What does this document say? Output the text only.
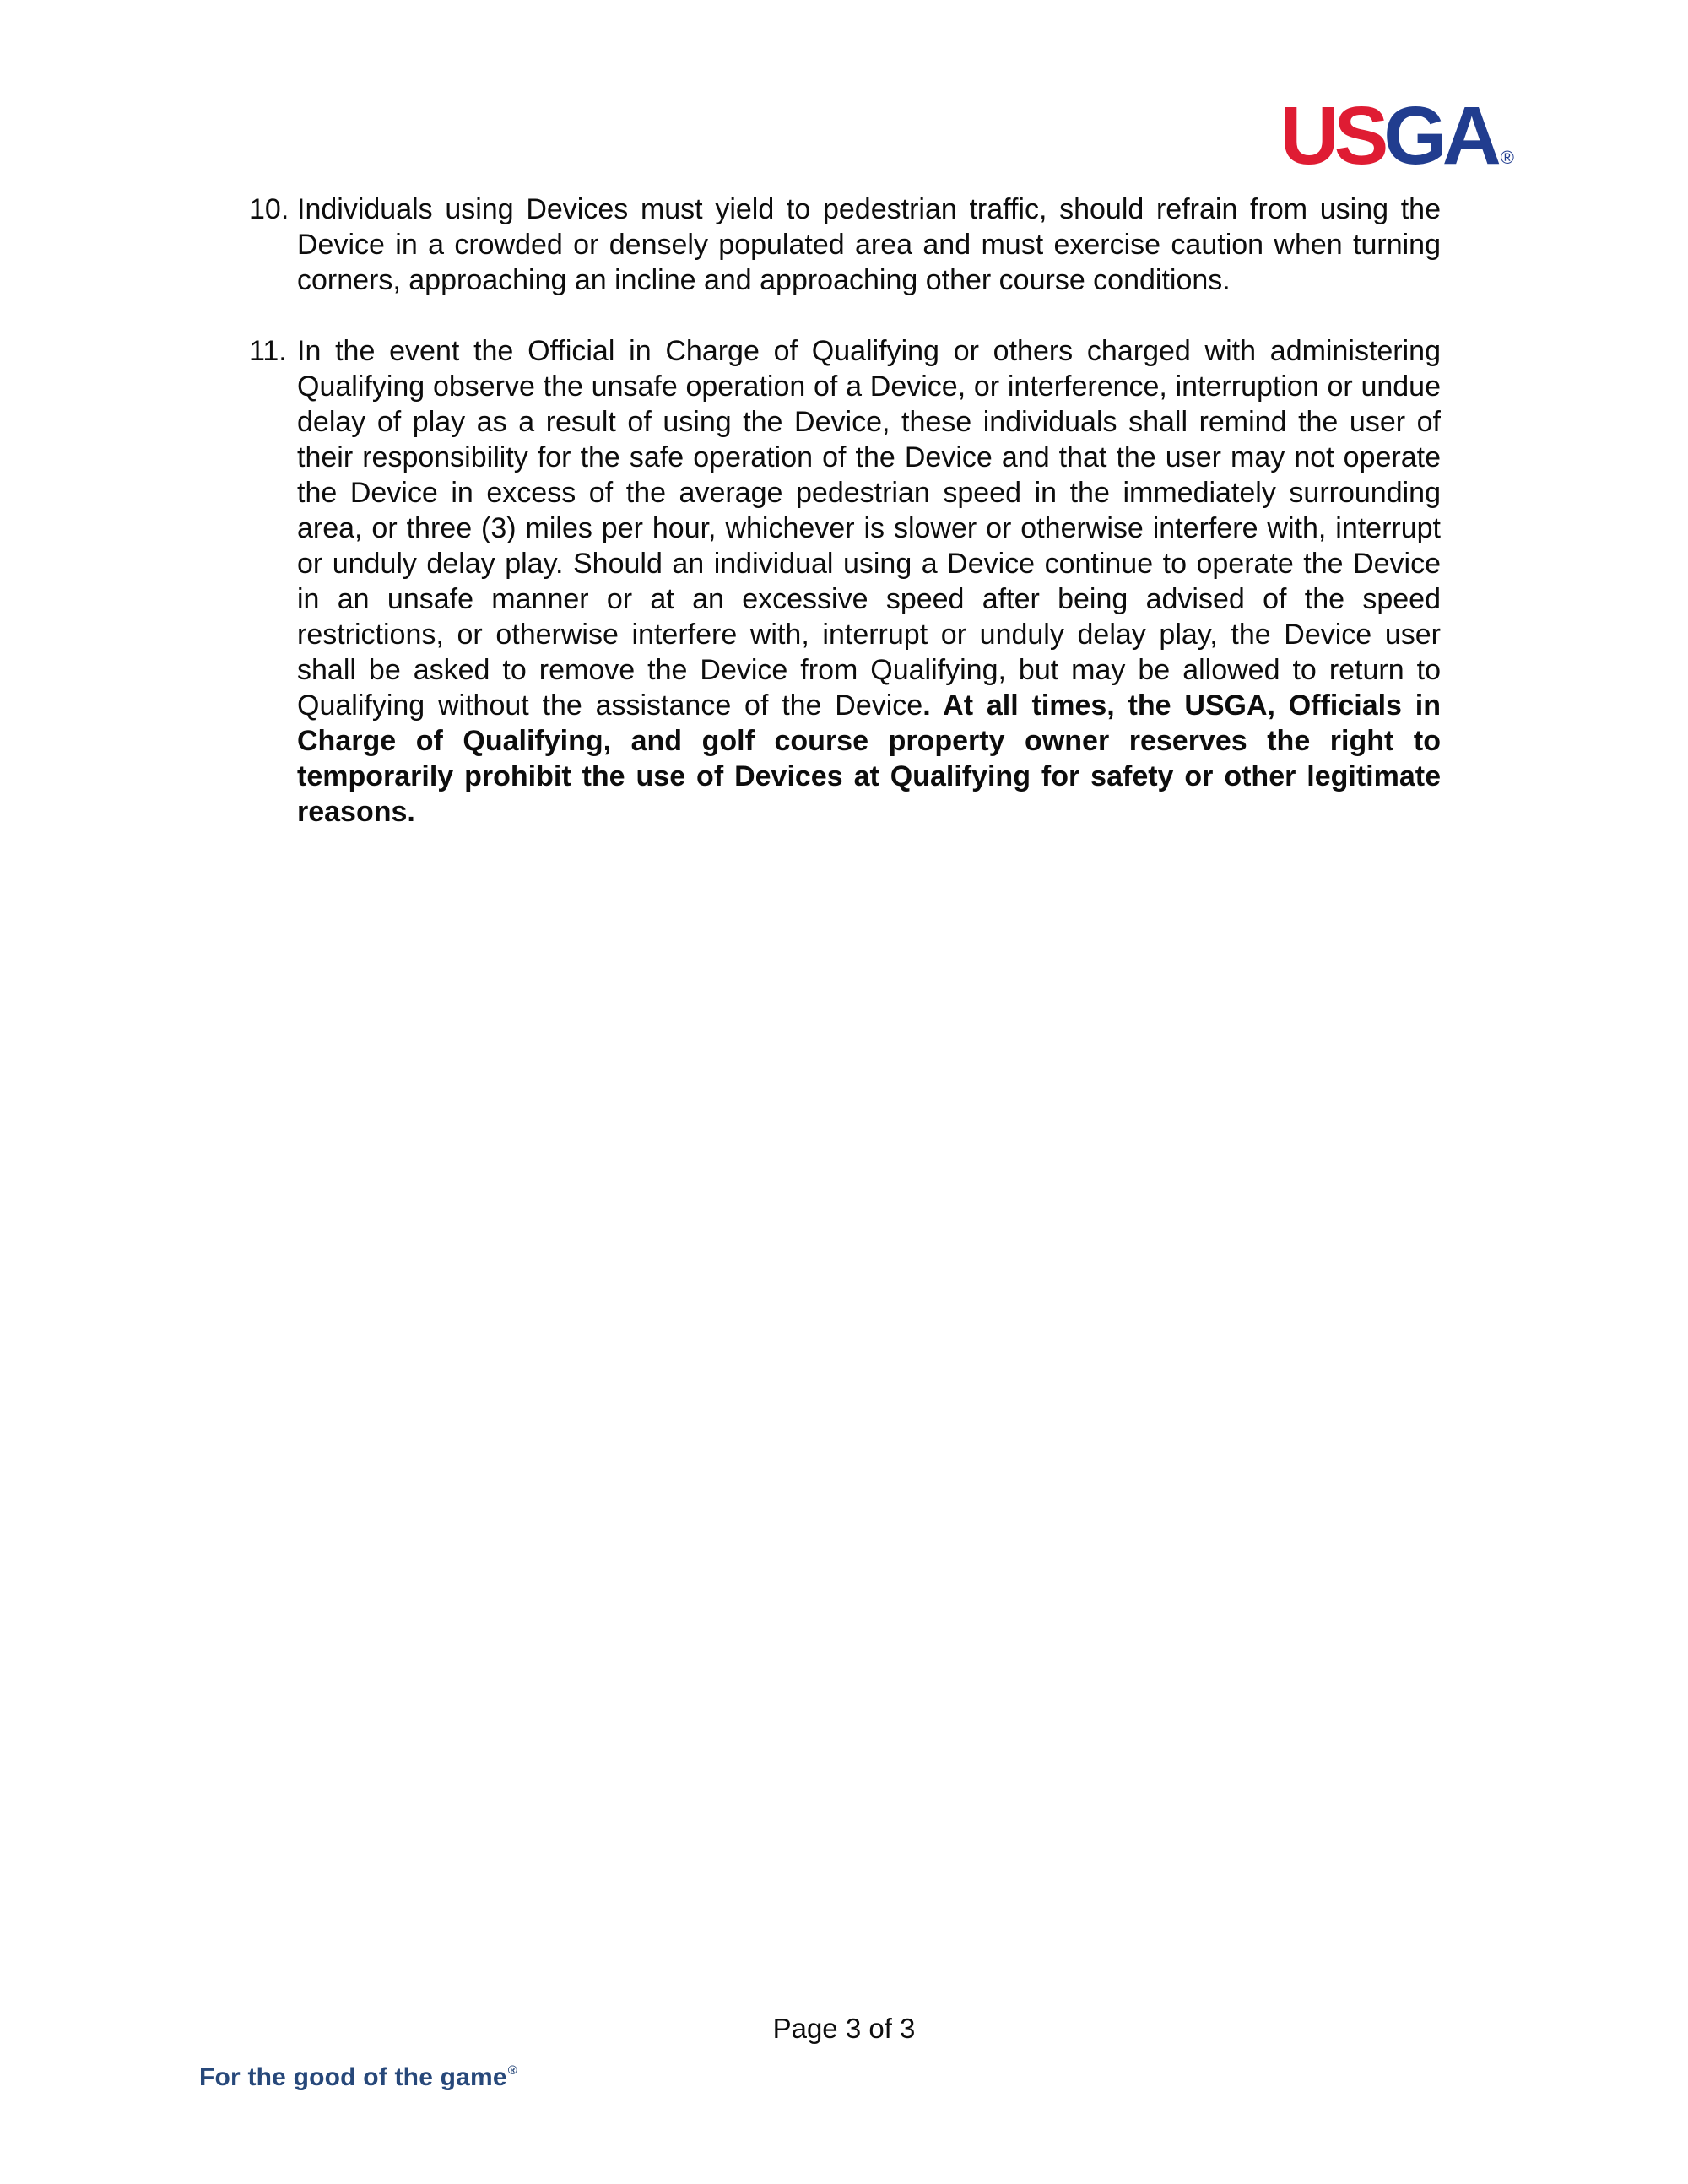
USGA ®
10. Individuals using Devices must yield to pedestrian traffic, should refrain from using the Device in a crowded or densely populated area and must exercise caution when turning corners, approaching an incline and approaching other course conditions.

11. In the event the Official in Charge of Qualifying or others charged with administering Qualifying observe the unsafe operation of a Device, or interference, interruption or undue delay of play as a result of using the Device, these individuals shall remind the user of their responsibility for the safe operation of the Device and that the user may not operate the Device in excess of the average pedestrian speed in the immediately surrounding area, or three (3) miles per hour, whichever is slower or otherwise interfere with, interrupt or unduly delay play. Should an individual using a Device continue to operate the Device in an unsafe manner or at an excessive speed after being advised of the speed restrictions, or otherwise interfere with, interrupt or unduly delay play, the Device user shall be asked to remove the Device from Qualifying, but may be allowed to return to Qualifying without the assistance of the Device. At all times, the USGA, Officials in Charge of Qualifying, and golf course property owner reserves the right to temporarily prohibit the use of Devices at Qualifying for safety or other legitimate reasons.

Page 3 of 3
For the good of the game®
